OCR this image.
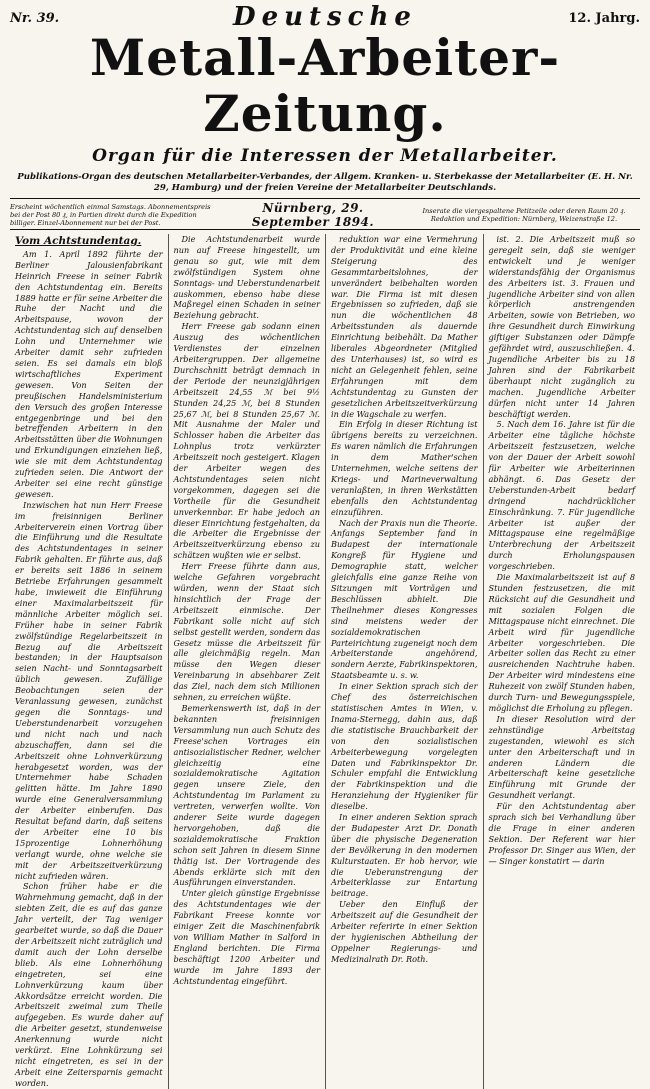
Nr. 39.	12. Jahrg.
Deutsche
Metall-Arbeiter-Zeitung.
Organ für die Interessen der Metallarbeiter.
Publikations-Organ des deutschen Metallarbeiter-Verbandes, der Allgem. Kranken- u. Sterbekasse der Metallarbeiter (E. H. Nr. 29, Hamburg) und der freien Vereine der Metallarbeiter Deutschlands.
Erscheint wöchentlich einmal Samstags. Abonnementspreis bei der Post 80 ₰, in Partien direkt durch die Expedition billiger. Einzel-Abonnement nur bei der Post.
Nürnberg, 29. September 1894.
Inserate die viergespaltene Petitzeile oder deren Raum 20 ₰. Redaktion und Expedition: Nürnberg, Weizenstraße 12.
Vom Achtstundentag.

Am 1. April 1892 führte der Berliner Jalousienfabrikant Heinrich Freese in seiner Fabrik den Achtstundentag ein. Bereits 1889 hatte er für seine Arbeiter die Ruhe der Nacht und die Arbeitspause, wovon der Achtstundentag sich auf denselben Lohn und Unternehmer wie Arbeiter damit sehr zufrieden seien. Es sei damals ein bloß wirtschaftliches Experiment gewesen. Von Seiten der preußischen Handelsministerium den Versuch des großen Interesse entgegenbringe und bei den betreffenden Arbeitern in den Arbeitsstätten über die Wohnungen und Erkundigungen einziehen ließ, wie sie mit dem Achtstundentag zufrieden seien. Die Antwort der Arbeiter sei eine recht günstige gewesen.

Inzwischen hat nun Herr Freese im freisinnigen Berliner Arbeiterverein einen Vortrag über die Einführung und die Resultate des Achtstundentages in seiner Fabrik gehalten. Er führte aus, daß er bereits seit 1886 in seinem Betriebe Erfahrungen gesammelt habe, inwieweit die Einführung einer Maximalarbeitszeit für männliche Arbeiter möglich sei. Früher habe in seiner Fabrik zwölfstündige Regelarbeitszeit in Bezug auf die Arbeitszeit bestanden; in der Hauptsaison seien Nacht- und Sonntagsarbeit üblich gewesen. Zufällige Beobachtungen seien der Veranlassung gewesen, zunächst gegen die Sonntags- und Ueberstundenarbeit vorzugehen und nicht nach und nach abzuschaffen, dann sei die Arbeitszeit ohne Lohnverkürzung herabgesetzt worden, was der Unternehmer habe Schaden gelitten hätte. Im Jahre 1890 wurde eine Generalversammlung der Arbeiter einberufen. Das Resultat befand darin, daß seitens der Arbeiter eine 10 bis 15prozentige Lohnerhöhung verlangt wurde, ohne welche sie mit der Arbeitszeitverkürzung nicht zufrieden wären.

Schon früher habe er die Wahrnehmung gemacht, daß in der siebten Zeit, die es auf das ganze Jahr verteilt, der Tag weniger gearbeitet wurde, so daß die Dauer der Arbeitszeit nicht zuträglich und damit auch der Lohn derselbe blieb. Als eine Lohnerhöhung eingetreten, sei eine Lohnverkürzung kaum über Akkordsätze erreicht worden. Die Arbeitszeit zweimal zum Theile aufgegeben. Es wurde daher auf die Arbeiter gesetzt, stundenweise Anerkennung wurde nicht verkürzt. Eine Lohnkürzung sei nicht eingetreten, es sei in der Arbeit eine Zeitersparnis gemacht worden.

Die Achtstundenarbeit wurde nun auf Freese hingestellt, um genau so gut, wie mit dem zwölfstündigen System ohne Sonntags- und Ueberstundenarbeit auskommen, ebenso habe diese Maßregel einen Schaden in seiner Beziehung gebracht.

Herr Freese gab sodann einen Auszug des wöchentlichen Verdienstes der einzelnen Arbeitergruppen. Der allgemeine Durchschnitt beträgt demnach in der Periode der neunzigjährigen Arbeitszeit 24,55 ℳ bei 9½ Stunden 24,25 ℳ, bei 8 Stunden 25,67 ℳ, bei 8 Stunden 25,67 ℳ. Mit Ausnahme der Maler und Schlosser haben die Arbeiter das Lohnplus trotz verkürzter Arbeitszeit noch gesteigert. Klagen der Arbeiter wegen des Achtstundentages seien nicht vorgekommen, dagegen sei die Vortheile für die Gesundheit unverkennbar. Er habe jedoch an dieser Einrichtung festgehalten, da die Arbeiter die Ergebnisse der Arbeitszeitverkürzung ebenso zu schätzen wußten wie er selbst.

Herr Freese führte dann aus, welche Gefahren vorgebracht würden, wenn der Staat sich hinsichtlich der Frage der Arbeitszeit einmische. Der Fabrikant solle nicht auf sich selbst gestellt werden, sondern das Gesetz müsse die Arbeitszeit für alle gleichmäßig regeln. Man müsse den Wegen dieser Vereinbarung in absehbarer Zeit das Ziel, nach dem sich Millionen sehnen, zu erreichen wüßte.

Bemerkenswerth ist, daß in der bekannten freisinnigen Versammlung nun auch Schutz des Freese'schen Vortrages ein antisozialistischer Redner, welcher gleichzeitig eine sozialdemokratische Agitation gegen unsere Ziele, den Achtstundentag im Parlament zu vertreten, verwerfen wollte. Von anderer Seite wurde dagegen hervorgehoben, daß die sozialdemokratische Fraktion schon seit Jahren in diesem Sinne thätig ist. Der Vortragende des Abends erklärte sich mit den Ausführungen einverstanden.

Unter gleich günstige Ergebnisse des Achtstundentages wie der Fabrikant Freese konnte vor einiger Zeit die Maschinenfabrik von William Mather in Salford in England berichten. Die Firma beschäftigt 1200 Arbeiter und wurde im Jahre 1893 der Achtstundentag eingeführt.

reduktion war eine Vermehrung der Produktivität und eine kleine Steigerung des Gesammtarbeitslohnes, der unverändert beibehalten worden war. Die Firma ist mit diesen Ergebnissen so zufrieden, daß sie nun die wöchentlichen 48 Arbeitsstunden als dauernde Einrichtung beibehält. Da Mather liberales Abgeordneter (Mitglied des Unterhauses) ist, so wird es nicht an Gelegenheit fehlen, seine Erfahrungen mit dem Achtstundentag zu Gunsten der gesetzlichen Arbeitszeitverkürzung in die Wagschale zu werfen.

Ein Erfolg in dieser Richtung ist übrigens bereits zu verzeichnen. Es waren nämlich die Erfahrungen in dem Mather'schen Unternehmen, welche seitens der Kriegs- und Marineverwaltung veranlaßten, in ihren Werkstätten ebenfalls den Achtstundentag einzuführen.

Nach der Praxis nun die Theorie. Anfangs September fand in Budapest der internationale Kongreß für Hygiene und Demographie statt, welcher gleichfalls eine ganze Reihe von Sitzungen mit Vorträgen und Beschlüssen abhielt. Die Theilnehmer dieses Kongresses sind meistens weder der sozialdemokratischen Parteirichtung zugeneigt noch dem Arbeiterstande angehörend, sondern Aerzte, Fabrikinspektoren, Staatsbeamte u. s. w.

In einer Sektion sprach sich der Chef des österreichischen statistischen Amtes in Wien, v. Inama-Sternegg, dahin aus, daß die statistische Brauchbarkeit der von den sozialistischen Arbeiterbewegung vorgelegten Daten und Fabrikinspektor Dr. Schuler empfahl die Entwicklung der Fabrikinspektion und die Heranziehung der Hygieniker für dieselbe.

In einer anderen Sektion sprach der Budapester Arzt Dr. Donath über die physische Degeneration der Bevölkerung in den modernen Kulturstaaten. Er hob hervor, wie die Ueberanstrengung der Arbeiterklasse zur Entartung beitrage.

Ueber den Einfluß der Arbeitszeit auf die Gesundheit der Arbeiter referirte in einer Sektion der hygienischen Abtheilung der Oppelner Regierungs- und Medizinalrath Dr. Roth.

ist. 2. Die Arbeitszeit muß so geregelt sein, daß sie weniger entwickelt und je weniger widerstandsfähig der Organismus des Arbeiters ist. 3. Frauen und jugendliche Arbeiter sind von allen körperlich anstrengenden Arbeiten, sowie von Betrieben, wo ihre Gesundheit durch Einwirkung giftiger Substanzen oder Dämpfe gefährdet wird, auszuschließen. 4. Jugendliche Arbeiter bis zu 18 Jahren sind der Fabrikarbeit überhaupt nicht zugänglich zu machen. Jugendliche Arbeiter dürfen nicht unter 14 Jahren beschäftigt werden.

5. Nach dem 16. Jahre ist für die Arbeiter eine tägliche höchste Arbeitszeit festzusetzen, welche von der Dauer der Arbeit sowohl für Arbeiter wie Arbeiterinnen abhängt. 6. Das Gesetz der Ueberstunden-Arbeit bedarf dringend nachdrücklicher Einschränkung. 7. Für jugendliche Arbeiter ist außer der Mittagspause eine regelmäßige Unterbrechung der Arbeitszeit durch Erholungspausen vorgeschrieben.

Die Maximalarbeitszeit ist auf 8 Stunden festzusetzen, die mit Rücksicht auf die Gesundheit und mit sozialen Folgen die Mittagspause nicht einrechnet. Die Arbeit wird für jugendliche Arbeiter vorgeschrieben. Die Arbeiter sollen das Recht zu einer ausreichenden Nachtruhe haben. Der Arbeiter wird mindestens eine Ruhezeit von zwölf Stunden haben, durch Turn- und Bewegungsspiele, möglichst die Erholung zu pflegen.

In dieser Resolution wird der zehnstündige Arbeitstag zugestanden, wiewohl es sich unter den Arbeiterschaft und in anderen Ländern die Arbeiterschaft keine gesetzliche Einführung mit Grunde der Gesundheit verlangt.

Für den Achtstundentag aber sprach sich bei Verhandlung über die Frage in einer anderen Sektion. Der Referent war hier Professor Dr. Singer aus Wien, der — Singer konstatirt — darin
